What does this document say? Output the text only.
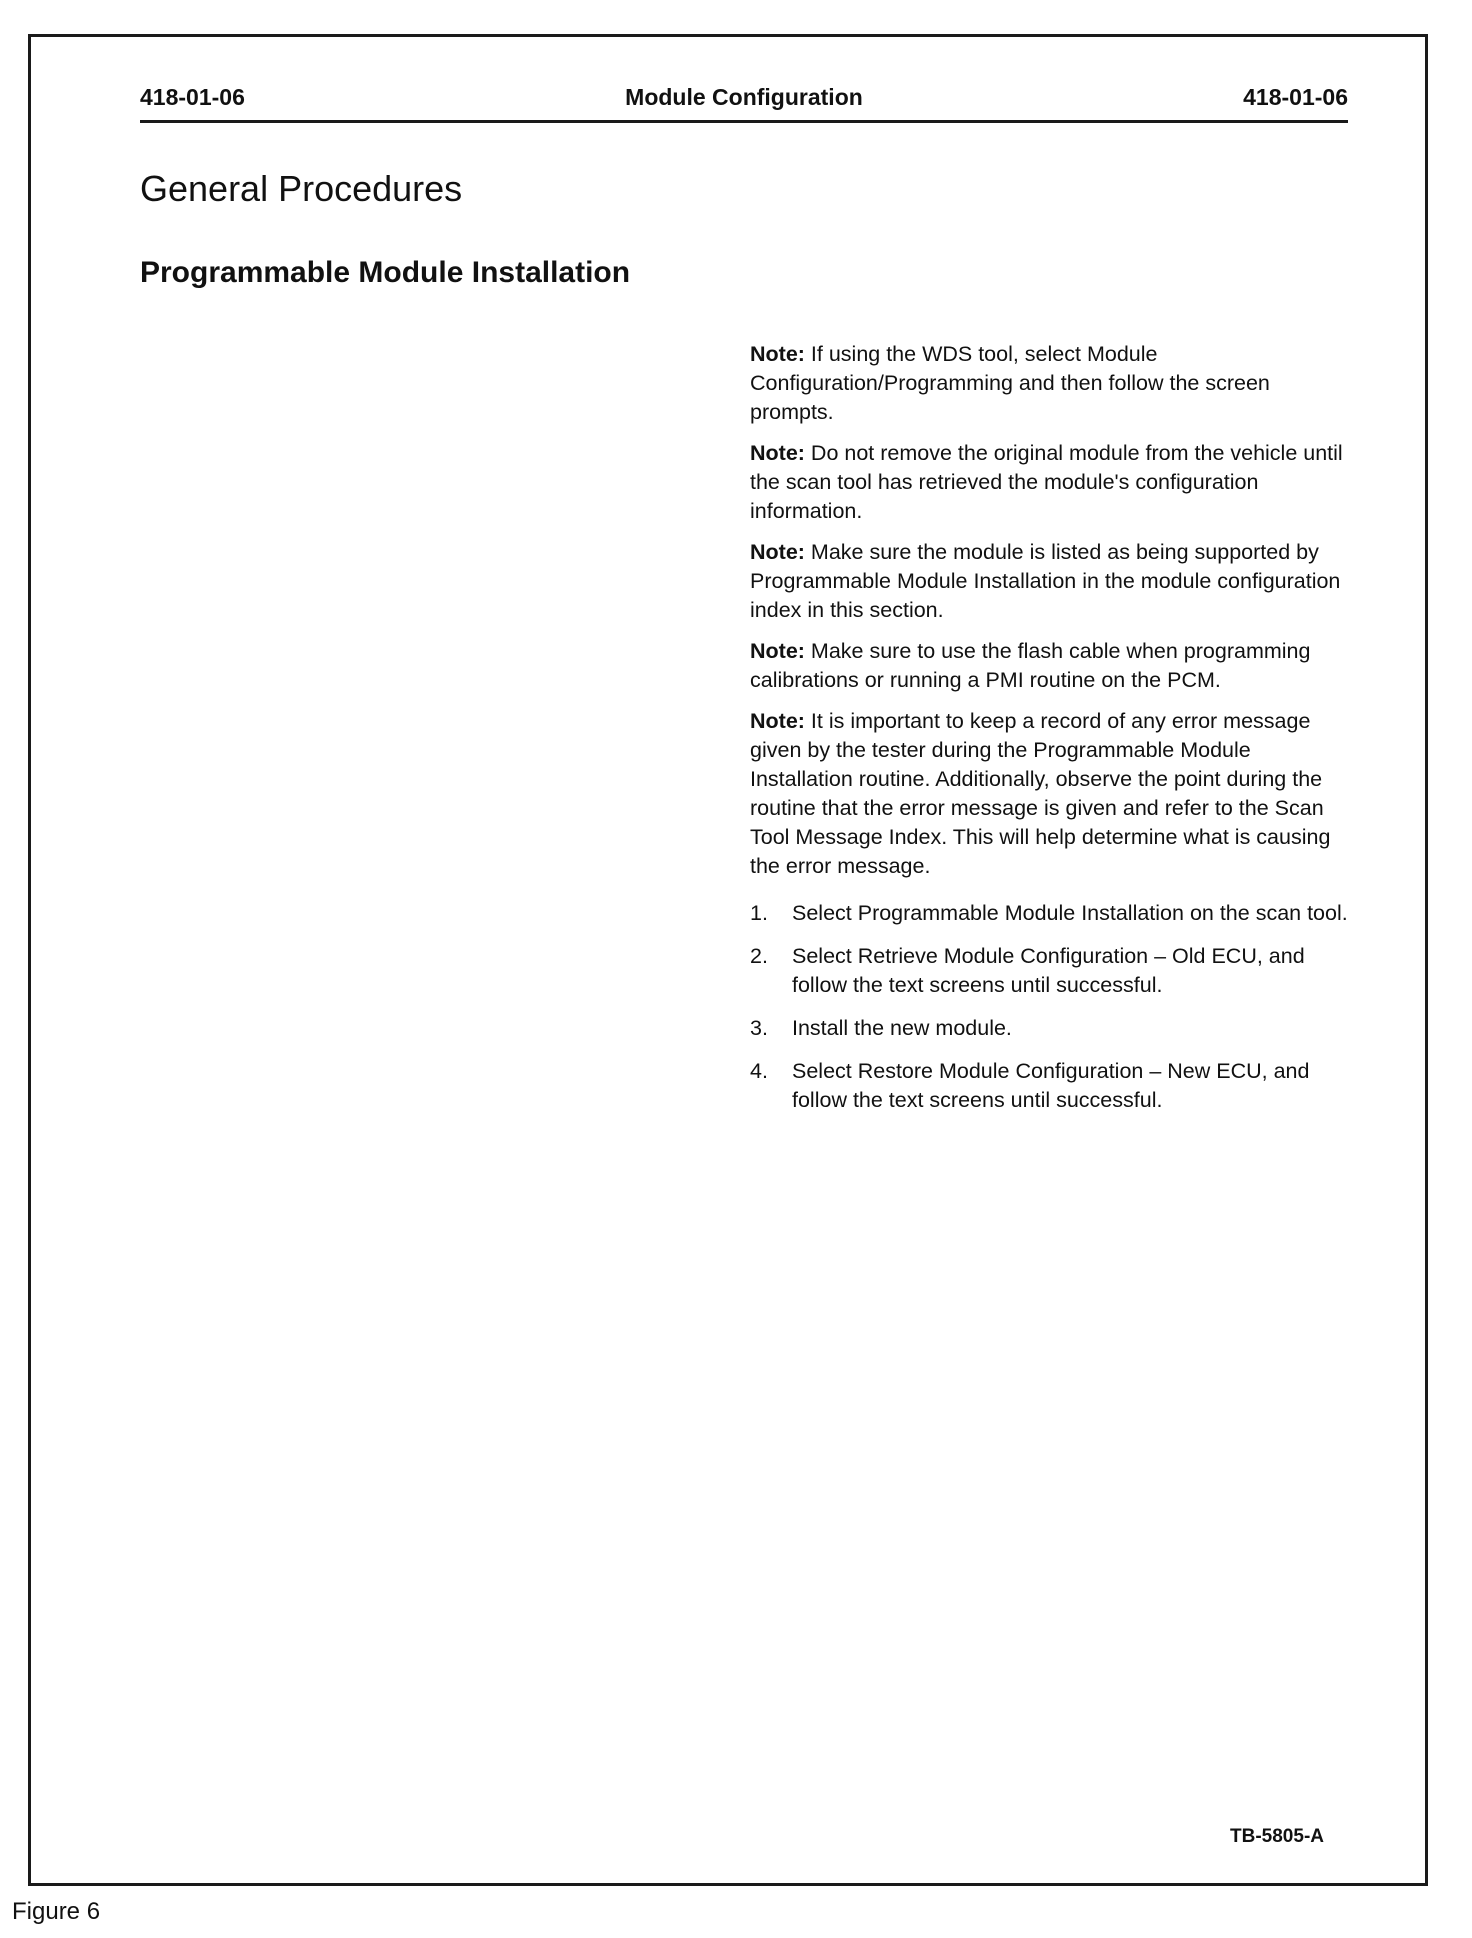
418-01-06	Module Configuration	418-01-06
General Procedures
Programmable Module Installation

Note: If using the WDS tool, select Module Configuration/Programming and then follow the screen prompts.

Note: Do not remove the original module from the vehicle until the scan tool has retrieved the module's configuration information.

Note: Make sure the module is listed as being supported by Programmable Module Installation in the module configuration index in this section.

Note: Make sure to use the flash cable when programming calibrations or running a PMI routine on the PCM.

Note: It is important to keep a record of any error message given by the tester during the Programmable Module Installation routine. Additionally, observe the point during the routine that the error message is given and refer to the Scan Tool Message Index. This will help determine what is causing the error message.

1.	Select Programmable Module Installation on the scan tool.
2.	Select Retrieve Module Configuration – Old ECU, and follow the text screens until successful.
3.	Install the new module.
4.	Select Restore Module Configuration – New ECU, and follow the text screens until successful.
TB-5805-A
Figure 6
